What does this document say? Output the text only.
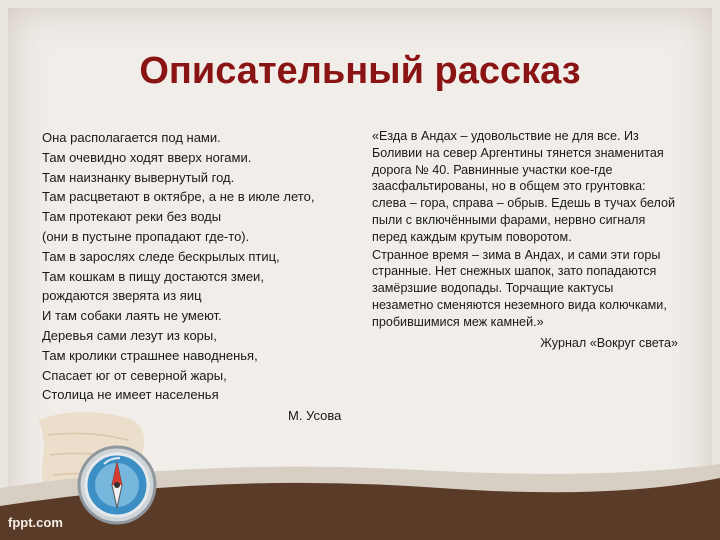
Описательный рассказ
Она располагается под нами.
Там очевидно ходят вверх ногами.
Там наизнанку вывернутый год.
Там расцветают в октябре, а не в июле лето,
Там протекают реки без воды
(они в пустыне пропадают где-то).
Там в зарослях следе бескрылых птиц,
Там кошкам в пищу достаются змеи,
рождаются зверята из яиц
И там собаки лаять не умеют.
Деревья сами лезут из коры,
Там кролики страшнее наводненья,
Спасает юг от северной жары,
Столица не имеет населенья
М. Усова

«Езда в Андах – удовольствие не для все. Из Боливии на север Аргентины тянется знаменитая дорога № 40. Равнинные участки кое-где заасфальтированы, но в общем это грунтовка: слева – гора, справа – обрыв. Едешь в тучах белой пыли с включёнными фарами, нервно сигналя перед каждым крутым поворотом.

Странное время – зима в Андах, и сами эти горы странные. Нет снежных шапок, зато попадаются замёрзшие водопады. Торчащие кактусы незаметно сменяются неземного вида колючками, пробившимися меж камней.»

Журнал «Вокруг света»
fppt.com
